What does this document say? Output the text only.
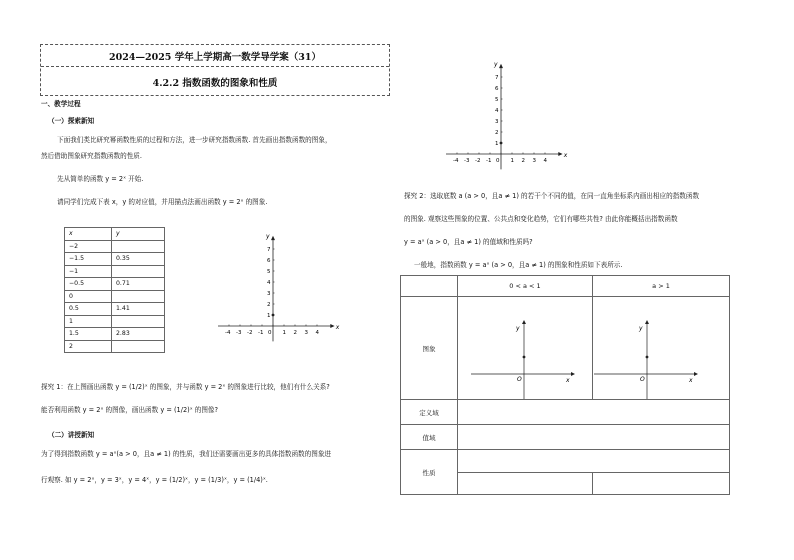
2024—2025 学年上学期高一数学导学案（31）
4.2.2 指数函数的图象和性质
一、教学过程
（一）探索新知
下面我们类比研究幂函数性质的过程和方法，进一步研究指数函数. 首先画出指数函数的图象，
然后借助图象研究指数函数的性质.
先从简单的函数 y = 2ˣ 开始.
请同学们完成下表 x，y 的对应值，并用描点法画出函数 y = 2ˣ 的图象.
x	y
−2	
−1.5	0.35
−1	
−0.5	0.71
0	
0.5	1.41
1	
1.5	2.83
2	
x
y
-4 -3 -2 -1 0 1 2 3 4
1
2
3
4
5
6
7
探究 1：在上图画出函数 y = (1/2)ˣ 的图象，并与函数 y = 2ˣ 的图象进行比较，他们有什么关系?
能否利用函数 y = 2ˣ 的图像，画出函数 y = (1/2)ˣ 的图像?
（二）讲授新知
为了得到指数函数 y = aˣ(a > 0，且a ≠ 1) 的性质，我们还需要画出更多的具体指数函数的图象进
行观察. 如 y = 2ˣ，y = 3ˣ，y = 4ˣ，y = (1/2)ˣ，y = (1/3)ˣ，y = (1/4)ˣ.
x
y
-4 -3 -2 -1 0 1 2 3 4
1
2
3
4
5
6
7
探究 2：选取底数 a (a > 0，且a ≠ 1) 的若干个不同的值，在同一直角坐标系内画出相应的指数函数
的图象. 观察这些图象的位置、公共点和变化趋势，它们有哪些共性? 由此你能概括出指数函数
y = aˣ (a > 0，且a ≠ 1) 的值域和性质吗?
一般地，指数函数 y = aˣ (a > 0，且a ≠ 1) 的图象和性质如下表所示.
	0 < a < 1	a > 1
图象	x
y
O	x
y
O

定义域		
值域		
性质		
